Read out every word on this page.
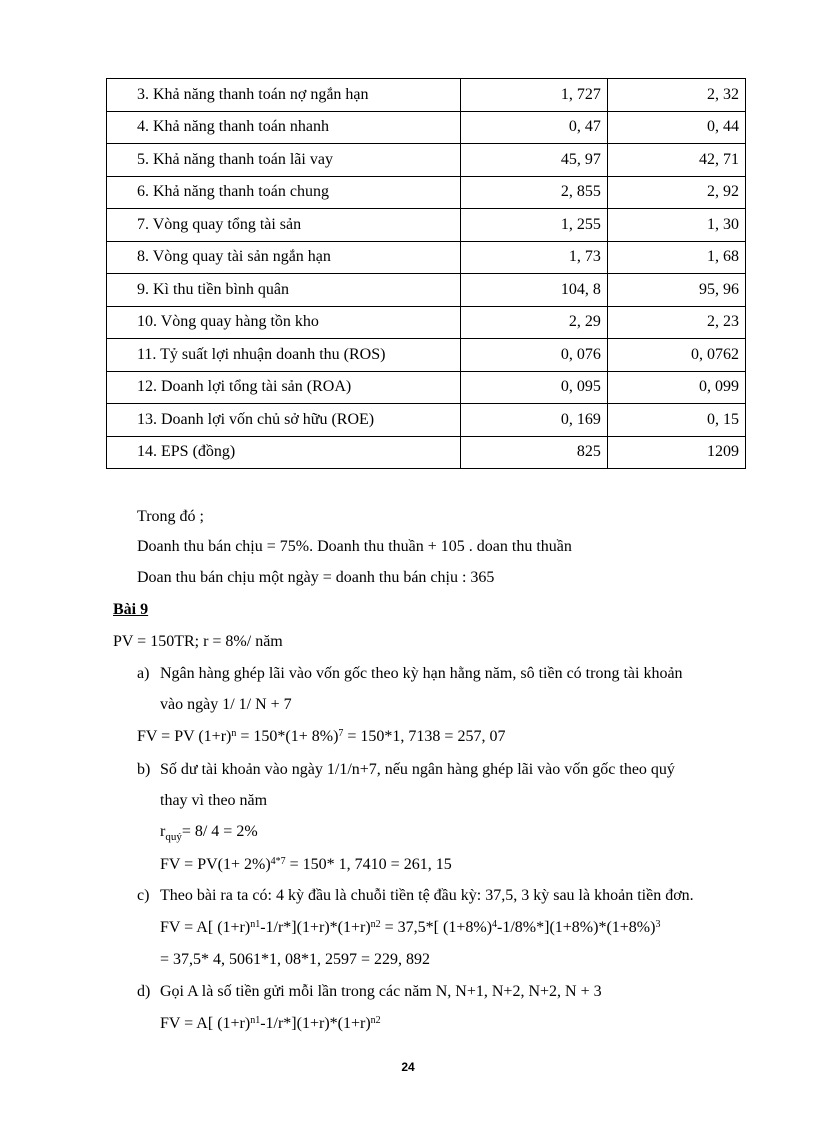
3. Khả năng thanh toán nợ ngắn hạn	1, 727	2, 32
4. Khả năng thanh toán nhanh	0, 47	0, 44
5. Khả năng thanh toán lãi vay	45, 97	42, 71
6. Khả năng thanh toán chung	2, 855	2, 92
7. Vòng quay tổng tài sản	1, 255	1, 30
8. Vòng quay tài sản ngắn hạn	1, 73	1, 68
9. Kì thu tiền bình quân	104, 8	95, 96
10. Vòng quay hàng tồn kho	2, 29	2, 23
11. Tỷ suất lợi nhuận doanh thu (ROS)	0, 076	0, 0762
12. Doanh lợi tổng tài sản (ROA)	0, 095	0, 099
13. Doanh lợi vốn chủ sở hữu (ROE)	0, 169	0, 15
14. EPS (đồng)	825	1209
Trong đó ;
Doanh thu bán chịu = 75%. Doanh thu thuần + 105 . doan thu thuần
Doan thu bán chịu một ngày = doanh thu bán chịu : 365
Bài 9
PV = 150TR; r = 8%/ năm
a) Ngân hàng ghép lãi vào vốn gốc theo kỳ hạn hằng năm, sô tiền có trong tài khoản
vào ngày 1/ 1/ N + 7
FV = PV $(1+r)^n = 150*(1+ 8\%)^7 = 150*1$, 7138 = 257, 07
b) Số dư tài khoản vào ngày 1/1/n+7, nếu ngân hàng ghép lãi vào vốn gốc theo quý
thay vì theo năm
$r_{quý}= 8/$ 4 = 2%
FV = $PV(1+ 2\%)^{4*7} = 150*$ 1, 7410 = 261, 15
c) Theo bài ra ta có: 4 kỳ đầu là chuỗi tiền tệ đầu kỳ: 37,5, 3 kỳ sau là khoản tiền đơn.
FV = A[ $(1+r)^{n1}-1/r*](1+r)*(1+r)^{n2} = 37,5*$[ $(1+8\%)^4-1/8\%*](1+8\%)*(1+8\%)^3$
= 37,5* 4, 5061*1, 08*1, 2597 = 229, 892
d) Gọi A là số tiền gửi mỗi lần trong các năm N, N+1, N+2, N+2, N + 3
FV = A[ $(1+r)^{n1}-1/r*](1+r)*(1+r)^{n2}$
24
